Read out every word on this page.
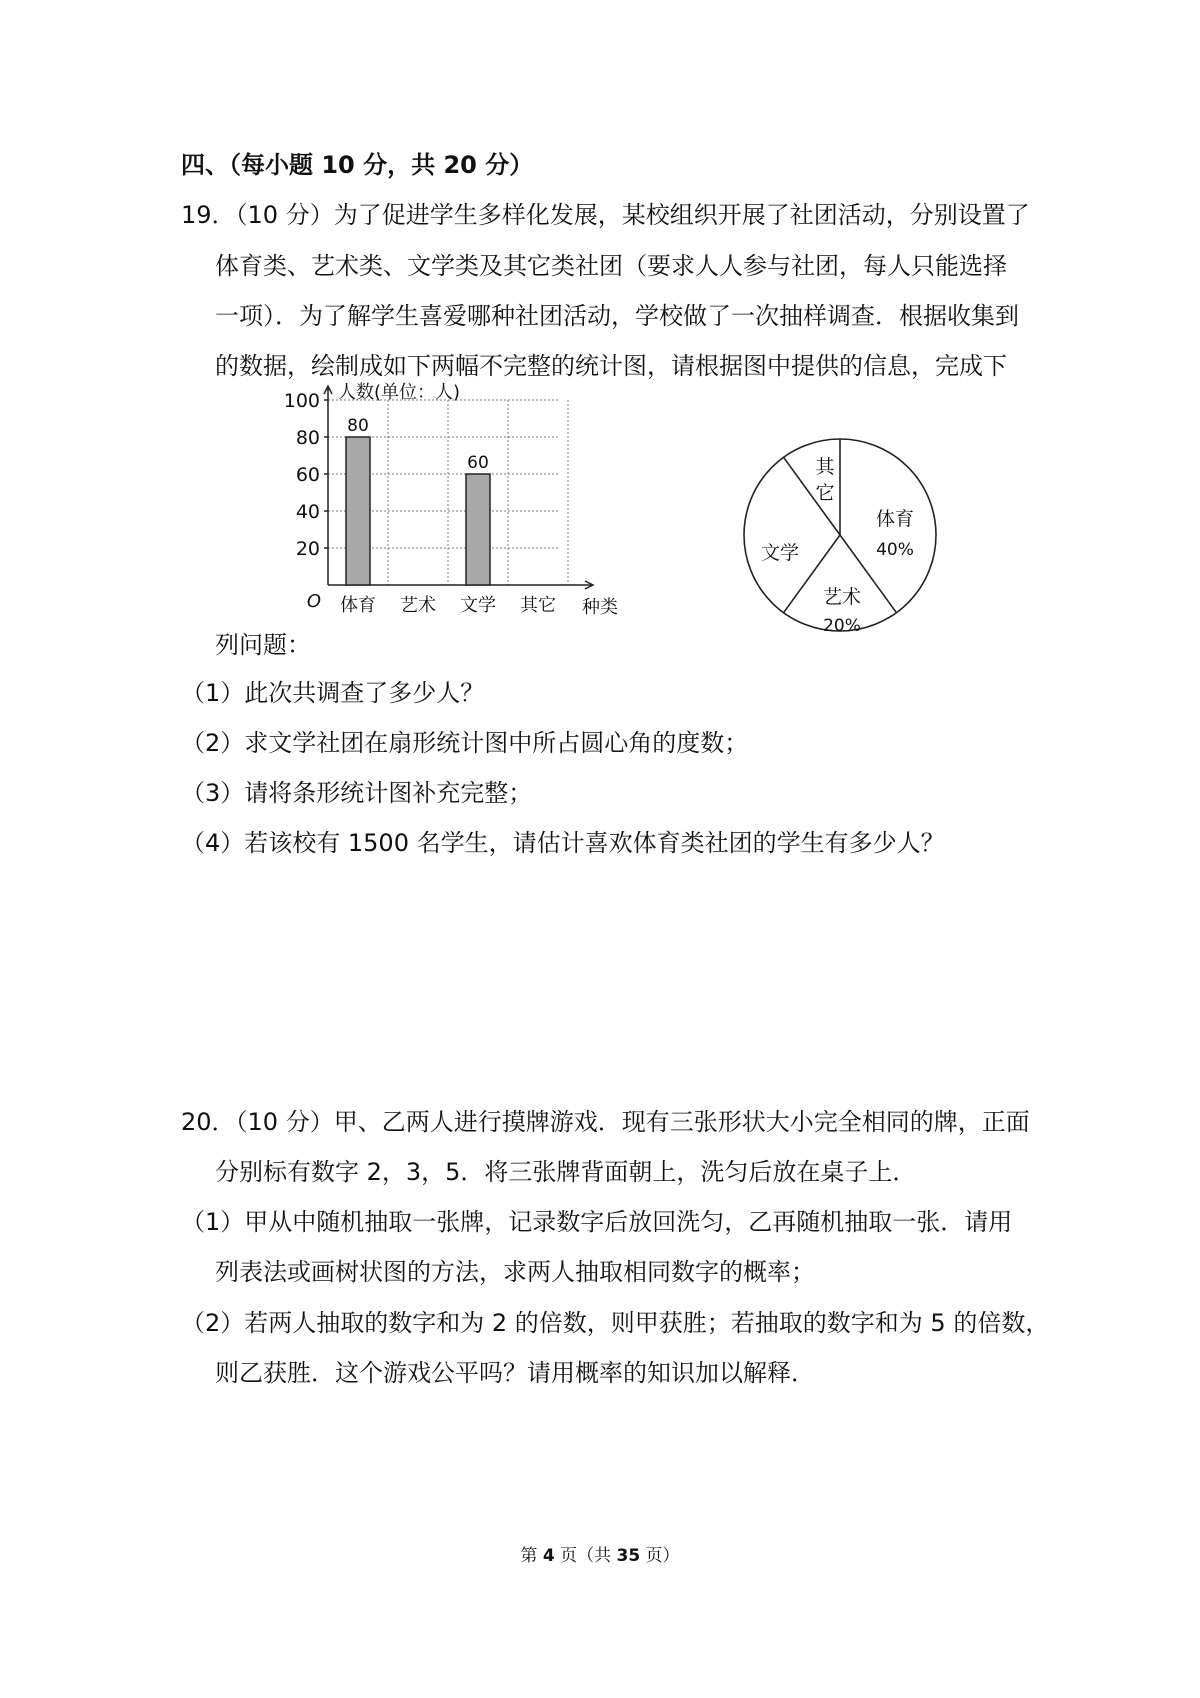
四、（每小题 10 分，共 20 分）
19．（10 分）为了促进学生多样化发展，某校组织开展了社团活动，分别设置了
体育类、艺术类、文学类及其它类社团（要求人人参与社团，每人只能选择
一项）．为了解学生喜爱哪种社团活动，学校做了一次抽样调查．根据收集到
的数据，绘制成如下两幅不完整的统计图，请根据图中提供的信息，完成下
列问题：
20
40
60
80
100
80
体育 艺术
60
文学 其它
人数(单位：人)
种类
O
体育
40%
艺术
20%
文学
其
它
（1）此次共调查了多少人？
（2）求文学社团在扇形统计图中所占圆心角的度数；
（3）请将条形统计图补充完整；
（4）若该校有 1500 名学生，请估计喜欢体育类社团的学生有多少人？
20．（10 分）甲、乙两人进行摸牌游戏．现有三张形状大小完全相同的牌，正面
分别标有数字 2，3，5．将三张牌背面朝上，洗匀后放在桌子上．
（1）甲从中随机抽取一张牌，记录数字后放回洗匀，乙再随机抽取一张．请用
列表法或画树状图的方法，求两人抽取相同数字的概率；
（2）若两人抽取的数字和为 2 的倍数，则甲获胜；若抽取的数字和为 5 的倍数，
则乙获胜．这个游戏公平吗？请用概率的知识加以解释．
第 4 页（共 35 页）
